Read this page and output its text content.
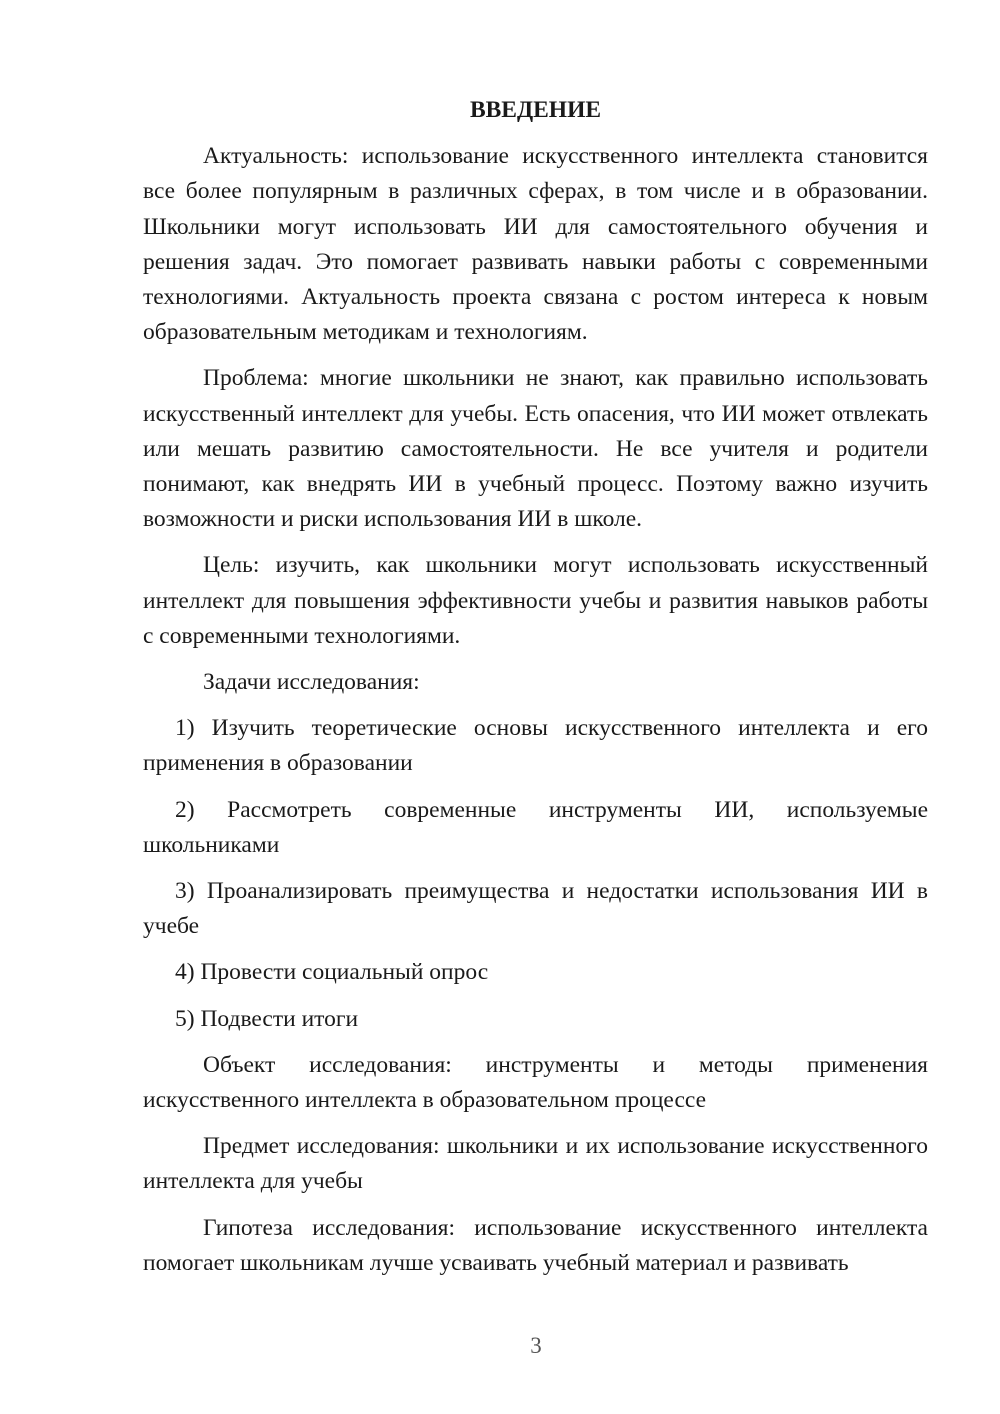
ВВЕДЕНИЕ

Актуальность: использование искусственного интеллекта становится все более популярным в различных сферах, в том числе и в образовании. Школьники могут использовать ИИ для самостоятельного обучения и решения задач. Это помогает развивать навыки работы с современными технологиями. Актуальность проекта связана с ростом интереса к новым образовательным методикам и технологиям.

Проблема: многие школьники не знают, как правильно использовать искусственный интеллект для учебы. Есть опасения, что ИИ может отвлекать или мешать развитию самостоятельности. Не все учителя и родители понимают, как внедрять ИИ в учебный процесс. Поэтому важно изучить возможности и риски использования ИИ в школе.

Цель: изучить, как школьники могут использовать искусственный интеллект для повышения эффективности учебы и развития навыков работы с современными технологиями.

Задачи исследования:

1) Изучить теоретические основы искусственного интеллекта и его применения в образовании

2) Рассмотреть современные инструменты ИИ, используемые школьниками

3) Проанализировать преимущества и недостатки использования ИИ в учебе

4) Провести социальный опрос

5) Подвести итоги

Объект исследования: инструменты и методы применения искусственного интеллекта в образовательном процессе

Предмет исследования: школьники и их использование искусственного интеллекта для учебы

Гипотеза исследования: использование искусственного интеллекта помогает школьникам лучше усваивать учебный материал и развивать

3
